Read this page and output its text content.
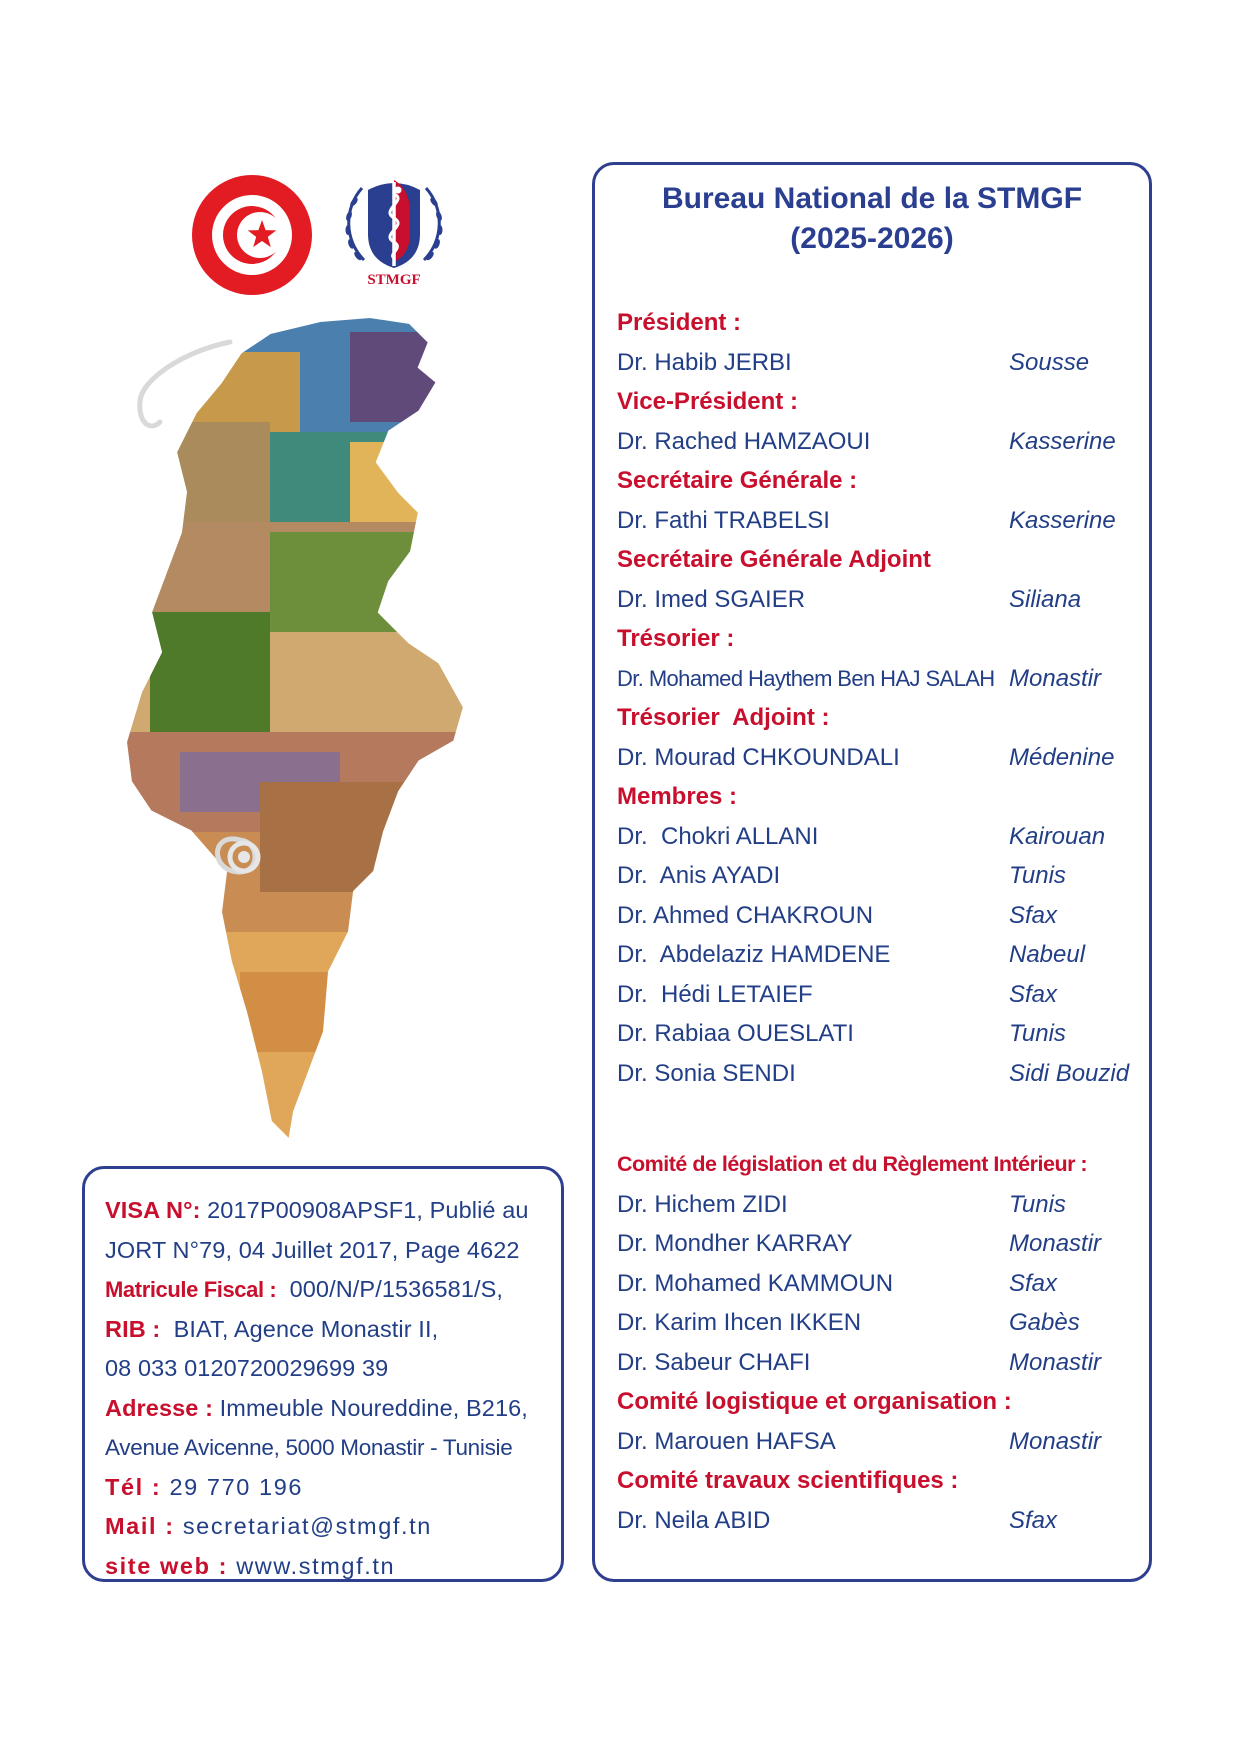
STMGF
VISA N°: 2017P00908APSF1, Publié au
JORT N°79, 04 Juillet 2017, Page 4622
Matricule Fiscal : 000/N/P/1536581/S,
RIB : BIAT, Agence Monastir II,
08 033 0120720029699 39
Adresse : Immeuble Noureddine, B216,
Avenue Avicenne, 5000 Monastir - Tunisie
Tél : 29 770 196
Mail : secretariat@stmgf.tn
site web : www.stmgf.tn
Bureau National de la STMGF
(2025-2026)
Président :
Dr. Habib JERBI	Sousse
Vice-Président :
Dr. Rached HAMZAOUI	Kasserine
Secrétaire Générale :
Dr. Fathi TRABELSI	Kasserine
Secrétaire Générale Adjoint
Dr. Imed SGAIER	Siliana
Trésorier :
Dr. Mohamed Haythem Ben HAJ SALAH Monastir
Trésorier  Adjoint :
Dr. Mourad CHKOUNDALI	Médenine
Membres :
Dr.  Chokri ALLANI	Kairouan
Dr.  Anis AYADI	Tunis
Dr. Ahmed CHAKROUN	Sfax
Dr.  Abdelaziz HAMDENE	Nabeul
Dr.  Hédi LETAIEF	Sfax
Dr. Rabiaa OUESLATI	Tunis
Dr. Sonia SENDI	Sidi Bouzid
Comité de législation et du Règlement Intérieur :
Dr. Hichem ZIDI	Tunis
Dr. Mondher KARRAY	Monastir
Dr. Mohamed KAMMOUN	Sfax
Dr. Karim Ihcen IKKEN	Gabès
Dr. Sabeur CHAFI	Monastir
Comité logistique et organisation :
Dr. Marouen HAFSA	Monastir
Comité travaux scientifiques :
Dr. Neila ABID	Sfax
